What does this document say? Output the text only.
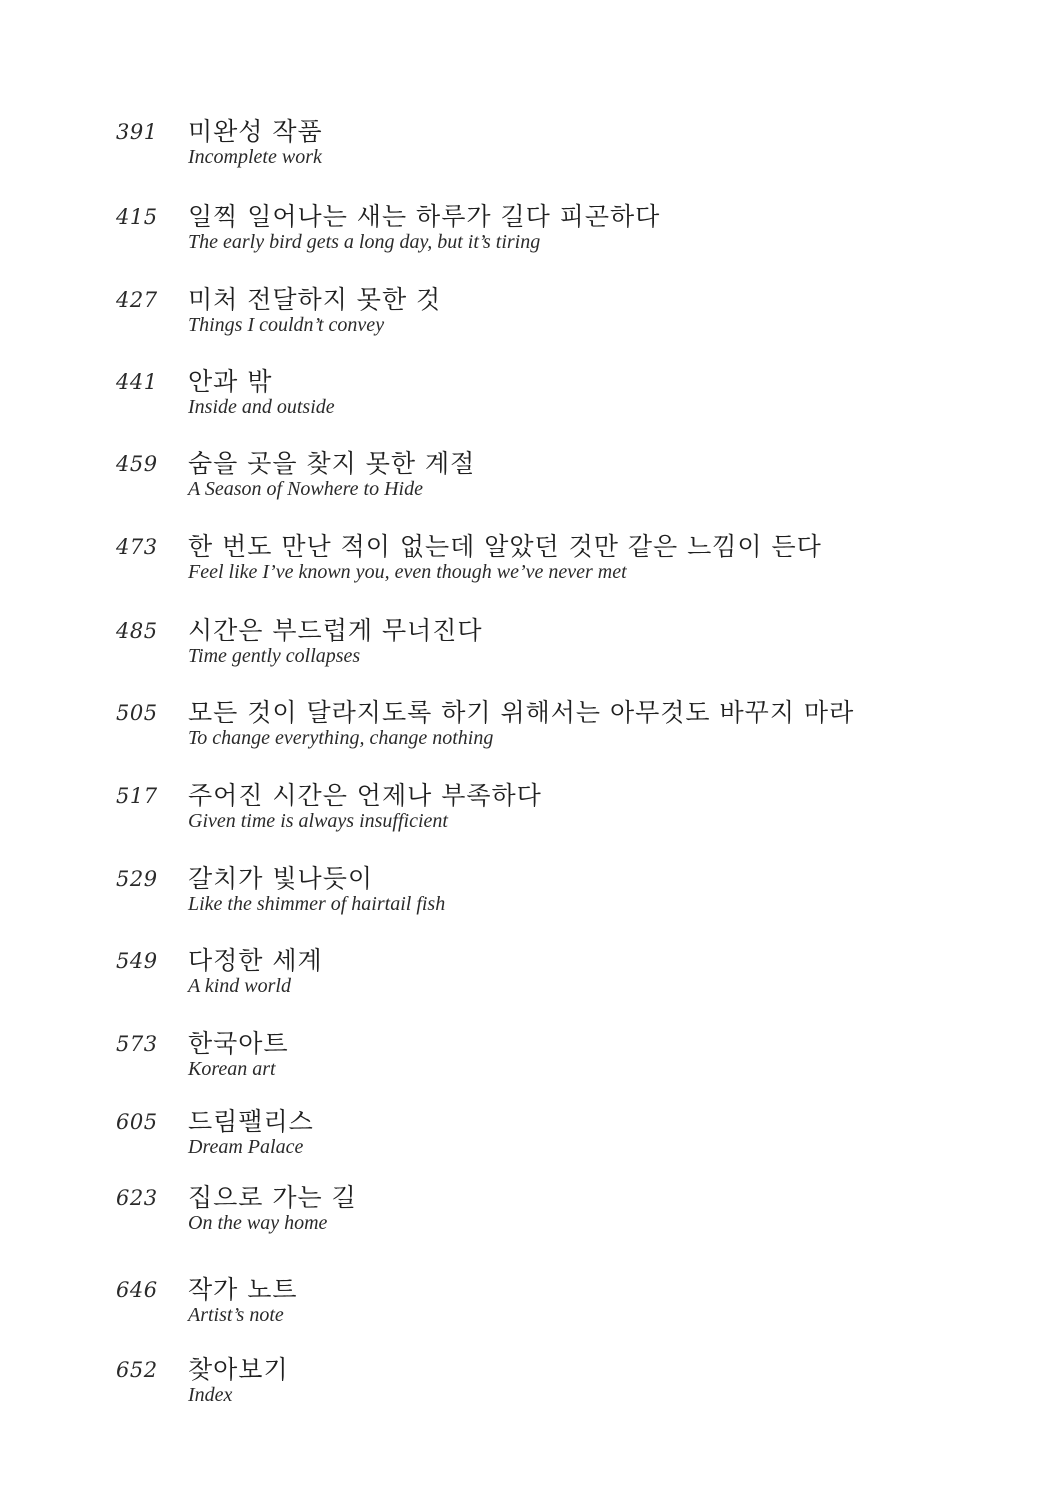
391 미완성 작품
Incomplete work
415 일찍 일어나는 새는 하루가 길다 피곤하다
The early bird gets a long day, but it’s tiring
427 미처 전달하지 못한 것
Things I couldn’t convey
441 안과 밖
Inside and outside
459 숨을 곳을 찾지 못한 계절
A Season of Nowhere to Hide
473 한 번도 만난 적이 없는데 알았던 것만 같은 느낌이 든다
Feel like I’ve known you, even though we’ve never met
485 시간은 부드럽게 무너진다
Time gently collapses
505 모든 것이 달라지도록 하기 위해서는 아무것도 바꾸지 마라
To change everything, change nothing
517 주어진 시간은 언제나 부족하다
Given time is always insufficient
529 갈치가 빛나듯이
Like the shimmer of hairtail fish
549 다정한 세계
A kind world
573 한국아트
Korean art
605 드림팰리스
Dream Palace
623 집으로 가는 길
On the way home
646 작가 노트
Artist’s note
652 찾아보기
Index
